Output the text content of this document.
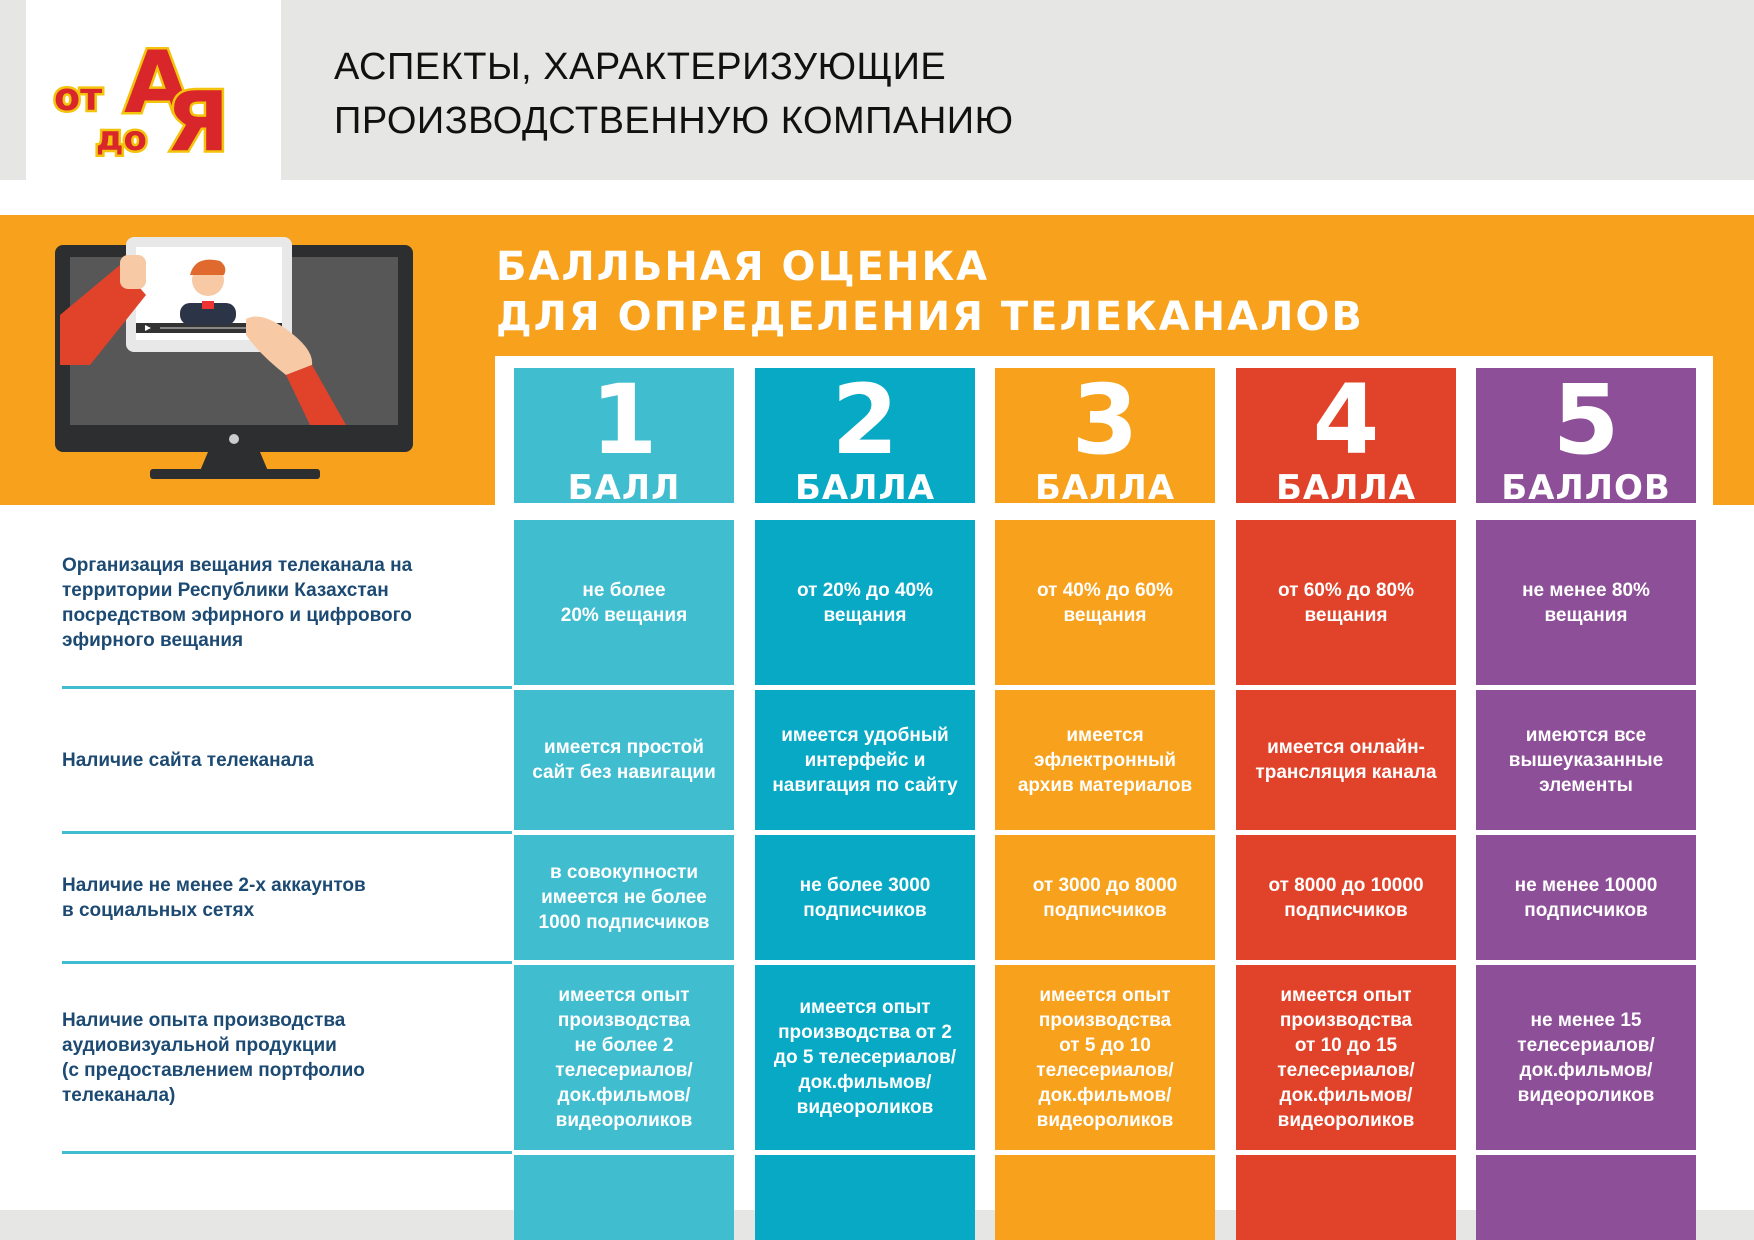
от А
до Я
АСПЕКТЫ, ХАРАКТЕРИЗУЮЩИЕ
ПРОИЗВОДСТВЕННУЮ КОМПАНИЮ
БАЛЛЬНАЯ ОЦЕНКА
ДЛЯ ОПРЕДЕЛЕНИЯ ТЕЛЕКАНАЛОВ
1
БАЛЛ
2
БАЛЛА
3
БАЛЛА
4
БАЛЛА
5
БАЛЛОВ
Организация вещания телеканала на
территории Республики Казахстан
посредством эфирного и цифрового
эфирного вещания
не более
20% вещания
от 20% до 40%
вещания
от 40% до 60%
вещания
от 60% до 80%
вещания
не менее 80%
вещания
Наличие сайта телеканала
имеется простой
сайт без навигации
имеется удобный
интерфейс и
навигация по сайту
имеется
эфлектронный
архив материалов
имеется онлайн-
трансляция канала
имеются все
вышеуказанные
элементы
Наличие не менее 2-х аккаунтов
в социальных сетях
в совокупности
имеется не более
1000 подписчиков
не более 3000
подписчиков
от 3000 до 8000
подписчиков
от 8000 до 10000
подписчиков
не менее 10000
подписчиков
Наличие опыта производства
аудиовизуальной продукции
(с предоставлением портфолио
телеканала)
имеется опыт
производства
не более 2
телесериалов/
док.фильмов/
видеороликов
имеется опыт
производства от 2
до 5 телесериалов/
док.фильмов/
видеороликов
имеется опыт
производства
от 5 до 10
телесериалов/
док.фильмов/
видеороликов
имеется опыт
производства
от 10 до 15
телесериалов/
док.фильмов/
видеороликов
не менее 15
телесериалов/
док.фильмов/
видеороликов
